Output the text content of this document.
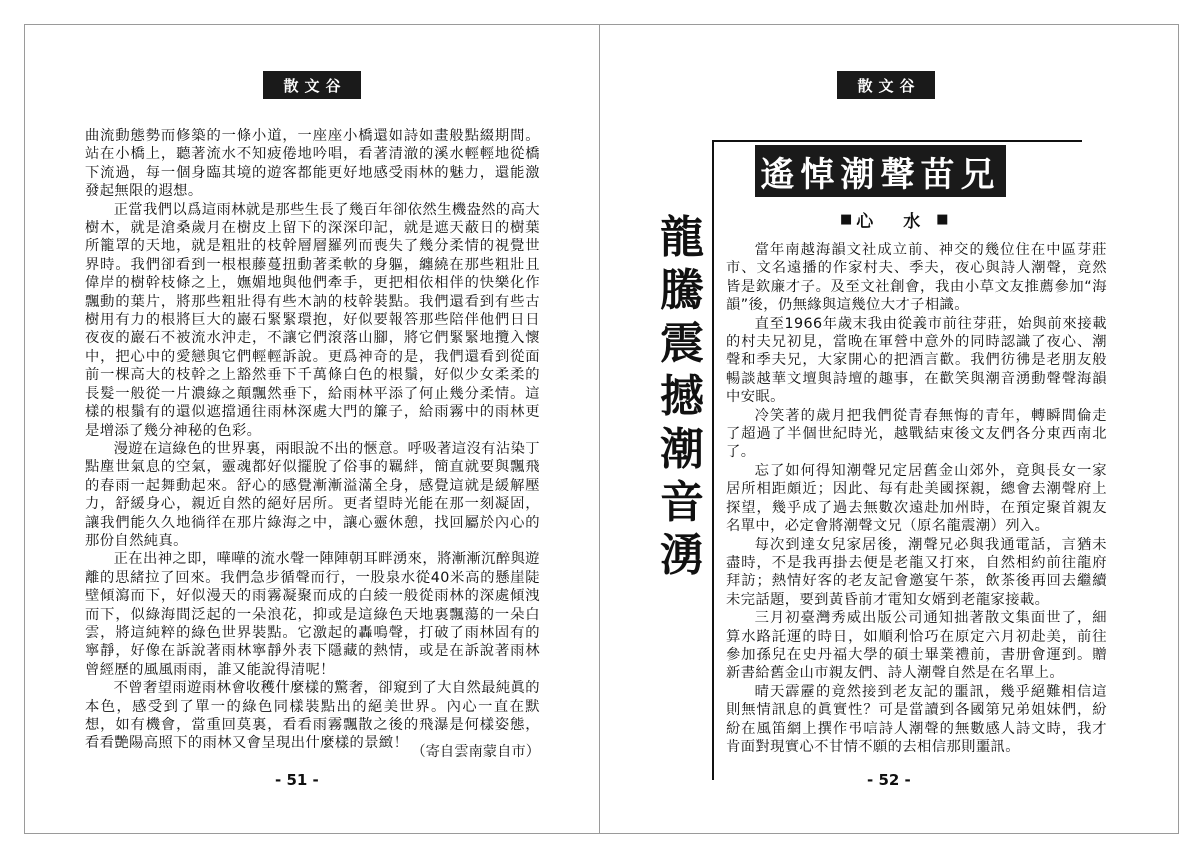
散文谷

曲流動態勢而修築的一條小道，一座座小橋還如詩如畫般點綴期間。站在小橋上，聽著流水不知疲倦地吟唱，看著清澈的溪水輕輕地從橋下流過，每一個身臨其境的遊客都能更好地感受雨林的魅力，還能激發起無限的遐想。

正當我們以爲這雨林就是那些生長了幾百年卻依然生機盎然的高大樹木，就是滄桑歲月在樹皮上留下的深深印記，就是遮天蔽日的樹葉所籠罩的天地，就是粗壯的枝幹層層羅列而喪失了幾分柔情的視覺世界時。我們卻看到一根根藤蔓扭動著柔軟的身軀，纏繞在那些粗壯且偉岸的樹幹枝條之上，嫵媚地與他們牽手，更把相依相伴的快樂化作飄動的葉片，將那些粗壯得有些木訥的枝幹裝點。我們還看到有些古樹用有力的根將巨大的巖石緊緊環抱，好似要報答那些陪伴他們日日夜夜的巖石不被流水沖走，不讓它們滾落山腳，將它們緊緊地攬入懷中，把心中的愛戀與它們輕輕訴說。更爲神奇的是，我們還看到從面前一棵高大的枝幹之上豁然垂下千萬條白色的根鬚，好似少女柔柔的長髮一般從一片濃綠之顛飄然垂下，給雨林平添了何止幾分柔情。這樣的根鬚有的還似遮擋通往雨林深處大門的簾子，給雨霧中的雨林更是增添了幾分神秘的色彩。

漫遊在這綠色的世界裏，兩眼說不出的愜意。呼吸著這沒有沾染丁點塵世氣息的空氣，靈魂都好似擺脫了俗事的羈絆，簡直就要與飄飛的春雨一起舞動起來。舒心的感覺漸漸溢滿全身，感覺這就是緩解壓力，舒緩身心，親近自然的絕好居所。更者望時光能在那一刻凝固，讓我們能久久地徜徉在那片綠海之中，讓心靈休憩，找回屬於內心的那份自然純真。

正在出神之即，嘩嘩的流水聲一陣陣朝耳畔湧來，將漸漸沉醉與遊離的思緒拉了回來。我們急步循聲而行，一股泉水從40米高的懸崖陡壁傾瀉而下，好似漫天的雨霧凝聚而成的白綾一般從雨林的深處傾洩而下，似綠海間泛起的一朵浪花，抑或是這綠色天地裏飄蕩的一朵白雲，將這純粹的綠色世界裝點。它激起的轟鳴聲，打破了雨林固有的寧靜，好像在訴說著雨林寧靜外表下隱藏的熱情，或是在訴說著雨林曾經歷的風風雨雨，誰又能說得清呢！

不曾奢望雨遊雨林會收穫什麼樣的驚奢，卻窺到了大自然最純眞的本色，感受到了單一的綠色同樣裝點出的絕美世界。內心一直在默想，如有機會，當重回莫裏，看看雨霧飄散之後的飛瀑是何樣姿態，看看艷陽高照下的雨林又會呈現出什麼樣的景緻！

（寄自雲南蒙自市）
- 51 -
散文谷
龍
騰
震
撼
潮
音
湧
遙悼潮聲苗兄
■ 心 水 ■

當年南越海韻文社成立前、神交的幾位住在中區芽莊市、文名遠播的作家村夫、季夫，夜心與詩人潮聲，竟然皆是欽廉才子。及至文社創會，我由小草文友推薦參加“海韻”後，仍無緣與這幾位大才子相識。

直至1966年歲末我由從義市前往芽莊，始與前來接載的村夫兄初見，當晚在軍營中意外的同時認識了夜心、潮聲和季夫兄，大家開心的把酒言歡。我們彷彿是老朋友般暢談越華文壇與詩壇的趣事，在歡笑與潮音湧動聲聲海韻中安眠。

冷笑著的歲月把我們從青春無悔的青年，轉瞬間倫走了超過了半個世紀時光，越戰結束後文友們各分東西南北了。

忘了如何得知潮聲兄定居舊金山郊外，竟與長女一家居所相距頗近；因此、每有赴美國探親，總會去潮聲府上探望，幾乎成了過去無數次遠赴加州時，在預定聚首親友名單中，必定會將潮聲文兄（原名龍震潮）列入。

每次到達女兒家居後，潮聲兄必與我通電話，言猶未盡時，不是我再掛去便是老龍又打來，自然相約前往龍府拜訪；熱情好客的老友記會邀宴午茶，飲茶後再回去繼續未完話題，要到黃昏前才電知女婿到老龍家接載。

三月初臺灣秀威出版公司通知拙著散文集面世了，細算水路託運的時日，如順利恰巧在原定六月初赴美，前往參加孫兒在史丹福大學的碩士畢業禮前，書册會運到。贈新書給舊金山市親友們、詩人潮聲自然是在名單上。

晴天霹靂的竟然接到老友記的噩訊，幾乎絕難相信這則無情訊息的眞實性？可是當讀到各國第兄弟姐妹們，紛紛在風笛網上撰作弔唁詩人潮聲的無數感人詩文時，我才肯面對現實心不甘情不願的去相信那則噩訊。

- 52 -
